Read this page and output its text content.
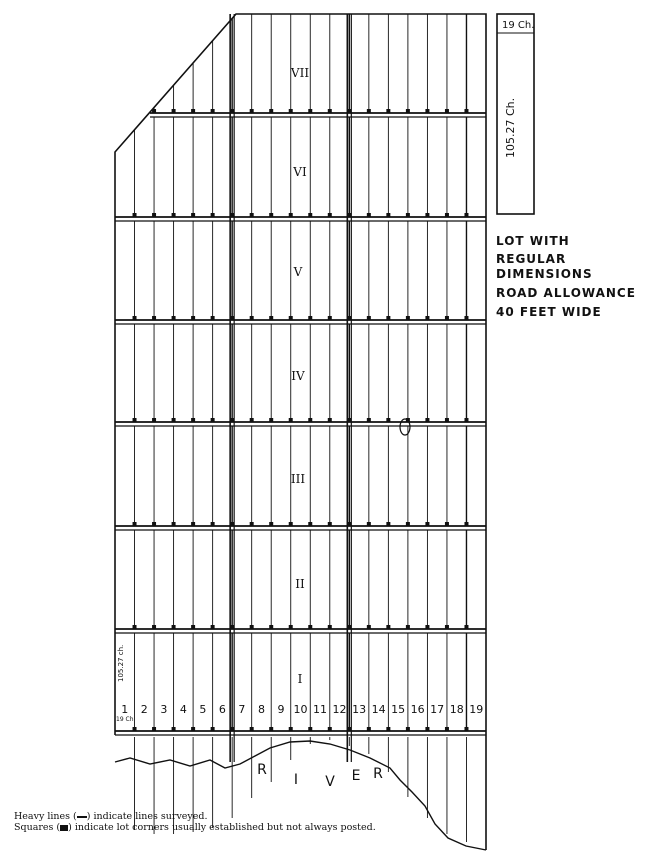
I
II
III
IV
V
VI
VII
1 2 3 4 5 6 7 8 9 10 11 12 13 14 15 16 17 18 19
R
I V E R
19 Ch.
105.27 Ch.
105.27 ch.
19 Ch
LOT WITH
REGULAR DIMENSIONS
ROAD ALLOWANCE
40 FEET WIDE
Heavy lines ( ) indicate lines surveyed.
Squares ( ) indicate lot corners usually established but not always posted.
